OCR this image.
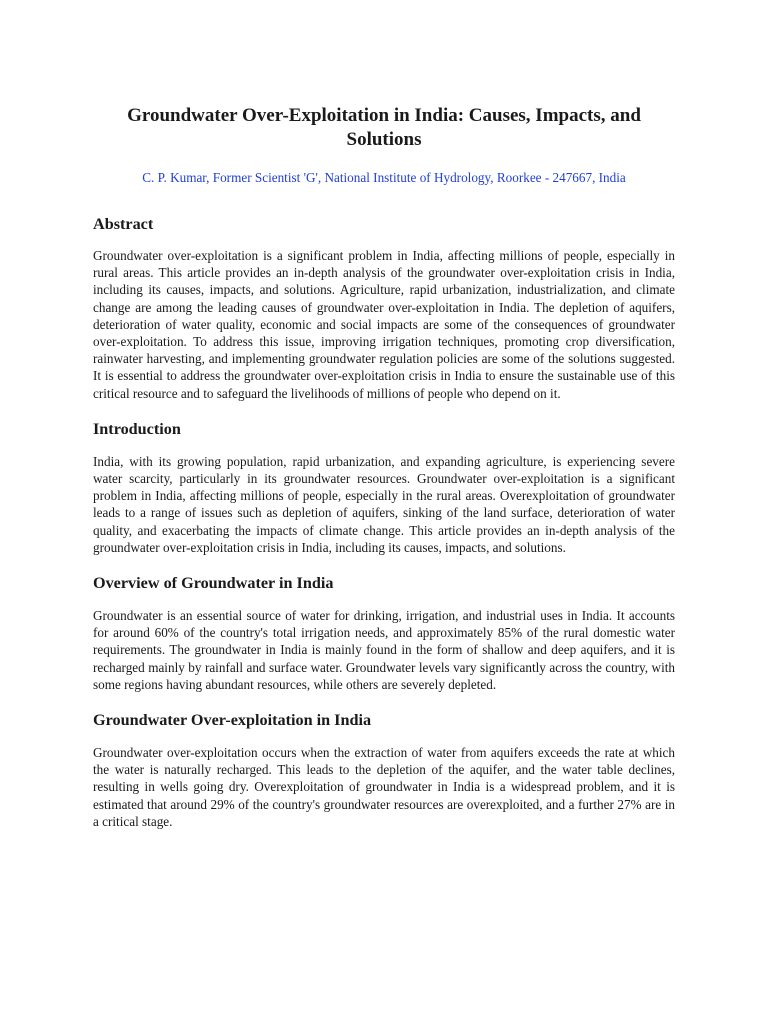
Groundwater Over-Exploitation in India: Causes, Impacts, and Solutions

C. P. Kumar, Former Scientist 'G', National Institute of Hydrology, Roorkee - 247667, India

Abstract

Groundwater over-exploitation is a significant problem in India, affecting millions of people, especially in rural areas. This article provides an in-depth analysis of the groundwater over-exploitation crisis in India, including its causes, impacts, and solutions. Agriculture, rapid urbanization, industrialization, and climate change are among the leading causes of groundwater over-exploitation in India. The depletion of aquifers, deterioration of water quality, economic and social impacts are some of the consequences of groundwater over-exploitation. To address this issue, improving irrigation techniques, promoting crop diversification, rainwater harvesting, and implementing groundwater regulation policies are some of the solutions suggested. It is essential to address the groundwater over-exploitation crisis in India to ensure the sustainable use of this critical resource and to safeguard the livelihoods of millions of people who depend on it.

Introduction

India, with its growing population, rapid urbanization, and expanding agriculture, is experiencing severe water scarcity, particularly in its groundwater resources. Groundwater over-exploitation is a significant problem in India, affecting millions of people, especially in the rural areas. Overexploitation of groundwater leads to a range of issues such as depletion of aquifers, sinking of the land surface, deterioration of water quality, and exacerbating the impacts of climate change. This article provides an in-depth analysis of the groundwater over-exploitation crisis in India, including its causes, impacts, and solutions.

Overview of Groundwater in India

Groundwater is an essential source of water for drinking, irrigation, and industrial uses in India. It accounts for around 60% of the country's total irrigation needs, and approximately 85% of the rural domestic water requirements. The groundwater in India is mainly found in the form of shallow and deep aquifers, and it is recharged mainly by rainfall and surface water. Groundwater levels vary significantly across the country, with some regions having abundant resources, while others are severely depleted.

Groundwater Over-exploitation in India

Groundwater over-exploitation occurs when the extraction of water from aquifers exceeds the rate at which the water is naturally recharged. This leads to the depletion of the aquifer, and the water table declines, resulting in wells going dry. Overexploitation of groundwater in India is a widespread problem, and it is estimated that around 29% of the country's groundwater resources are overexploited, and a further 27% are in a critical stage.
